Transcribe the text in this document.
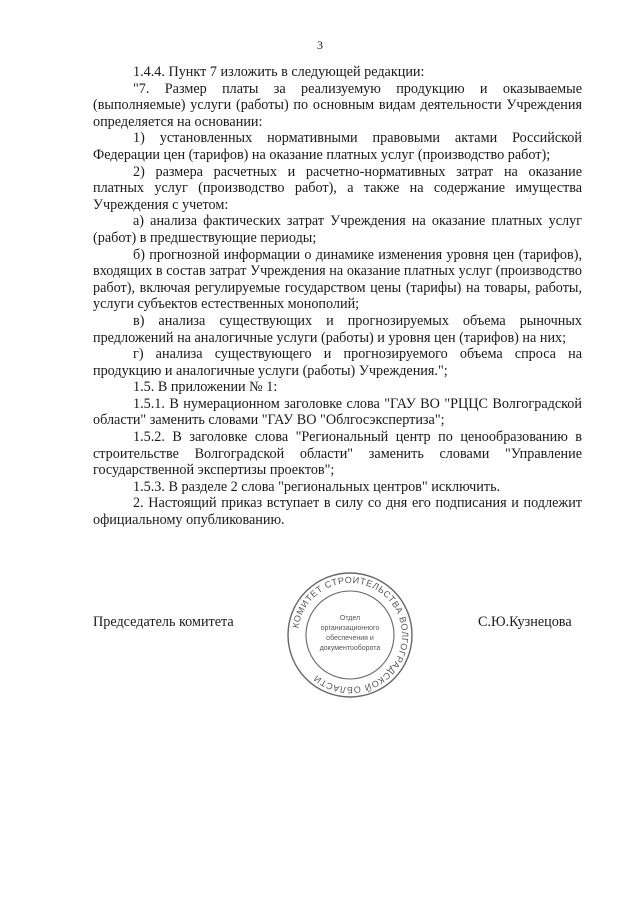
3

1.4.4. Пункт 7 изложить в следующей редакции:

"7. Размер платы за реализуемую продукцию и оказываемые (выполняемые) услуги (работы) по основным видам деятельности Учреждения определяется на основании:

1) установленных нормативными правовыми актами Российской Федерации цен (тарифов) на оказание платных услуг (производство работ);

2) размера расчетных и расчетно-нормативных затрат на оказание платных услуг (производство работ), а также на содержание имущества Учреждения с учетом:

а) анализа фактических затрат Учреждения на оказание платных услуг (работ) в предшествующие периоды;

б) прогнозной информации о динамике изменения уровня цен (тарифов), входящих в состав затрат Учреждения на оказание платных услуг (производство работ), включая регулируемые государством цены (тарифы) на товары, работы, услуги субъектов естественных монополий;

в) анализа существующих и прогнозируемых объема рыночных предложений на аналогичные услуги (работы) и уровня цен (тарифов) на них;

г) анализа существующего и прогнозируемого объема спроса на продукцию и аналогичные услуги (работы) Учреждения.";

1.5. В приложении № 1:

1.5.1. В нумерационном заголовке слова "ГАУ ВО "РЦЦС Волгоградской области" заменить словами "ГАУ ВО "Облгосэкспертиза";

1.5.2. В заголовке слова "Региональный центр по ценообразованию в строительстве Волгоградской области" заменить словами "Управление государственной экспертизы проектов";

1.5.3. В разделе 2 слова "региональных центров" исключить.

2. Настоящий приказ вступает в силу со дня его подписания и подлежит официальному опубликованию.

Председатель комитета	С.Ю.Кузнецова
КОМИТЕТ СТРОИТЕЛЬСТВА ВОЛГОГРАДСКОЙ ОБЛАСТИ
Отдел
организационного
обеспечения и
документооборота
